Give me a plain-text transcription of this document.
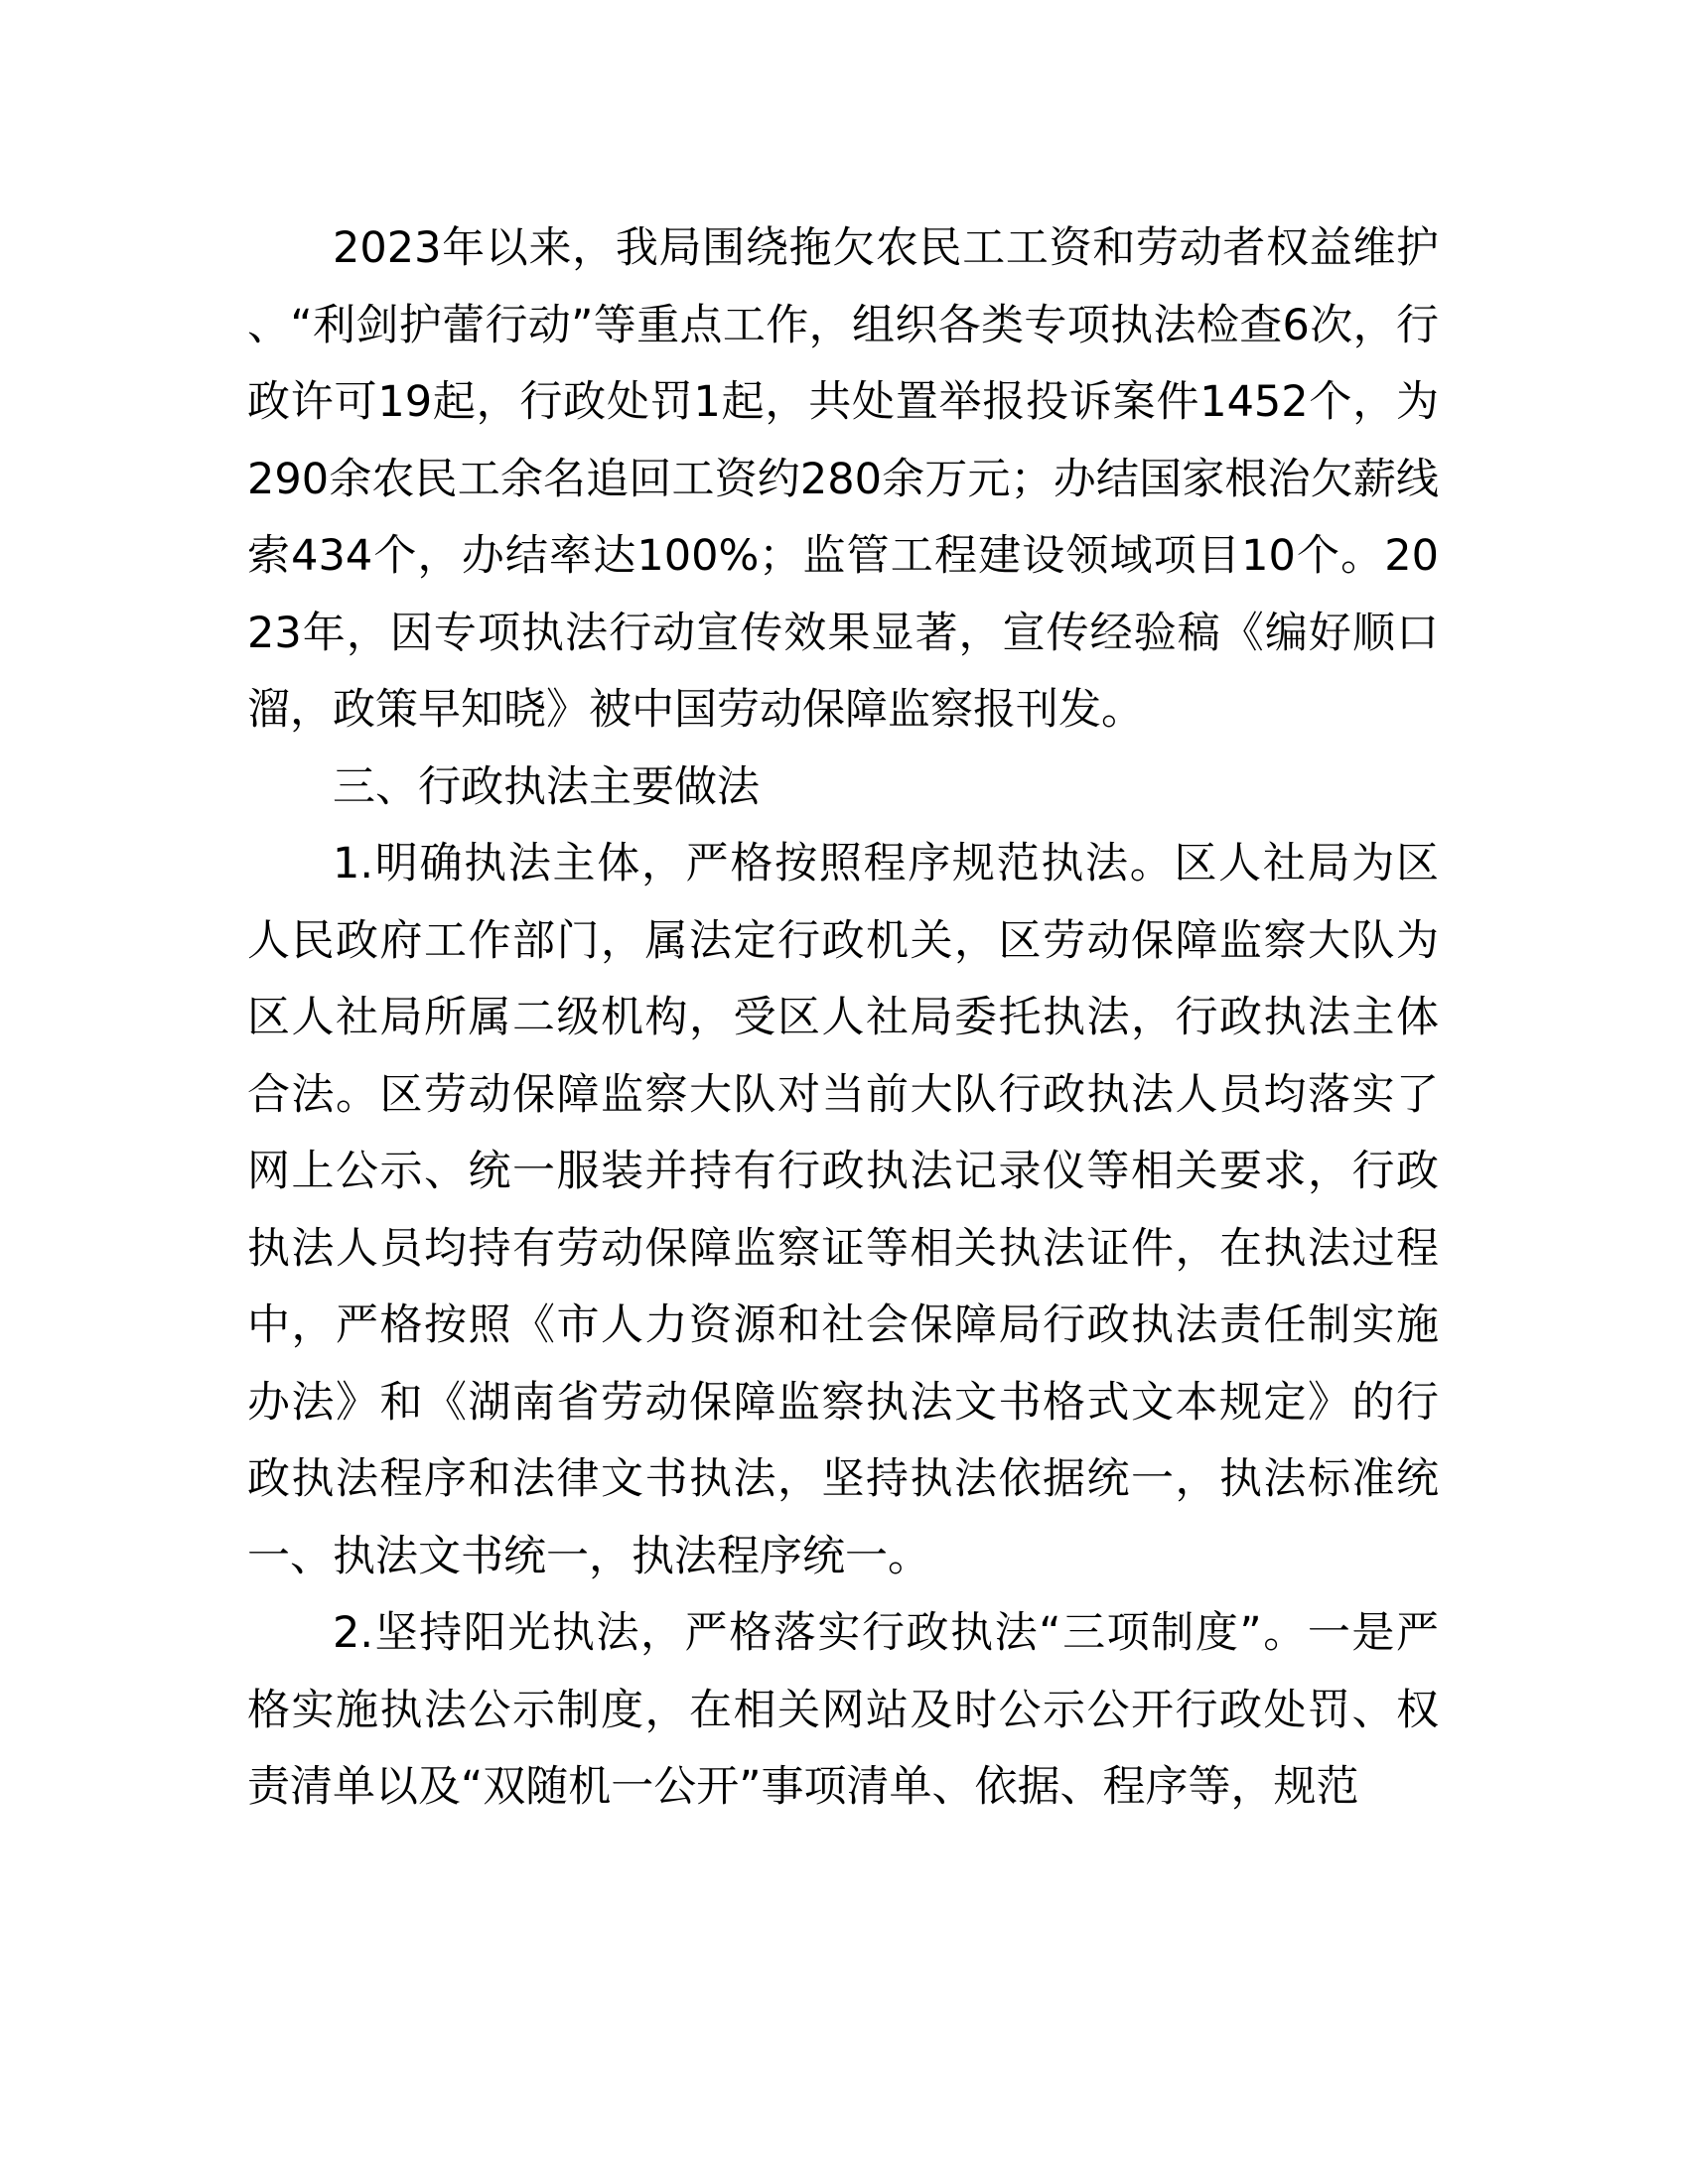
2023年以来，我局围绕拖欠农民工工资和劳动者权益维护、“利剑护蕾行动”等重点工作，组织各类专项执法检查6次，行政许可19起，行政处罚1起，共处置举报投诉案件1452个，为290余农民工余名追回工资约280余万元；办结国家根治欠薪线索434个，办结率达100%；监管工程建设领域项目10个。2023年，因专项执法行动宣传效果显著，宣传经验稿《编好顺口溜，政策早知晓》被中国劳动保障监察报刊发。

三、行政执法主要做法

1.明确执法主体，严格按照程序规范执法。区人社局为区人民政府工作部门，属法定行政机关，区劳动保障监察大队为区人社局所属二级机构，受区人社局委托执法，行政执法主体合法。区劳动保障监察大队对当前大队行政执法人员均落实了网上公示、统一服装并持有行政执法记录仪等相关要求，行政执法人员均持有劳动保障监察证等相关执法证件，在执法过程中，严格按照《市人力资源和社会保障局行政执法责任制实施办法》和《湖南省劳动保障监察执法文书格式文本规定》的行政执法程序和法律文书执法，坚持执法依据统一，执法标准统一、执法文书统一，执法程序统一。

2.坚持阳光执法，严格落实行政执法“三项制度”。一是严格实施执法公示制度，在相关网站及时公示公开行政处罚、权责清单以及“双随机一公开”事项清单、依据、程序等，规范
